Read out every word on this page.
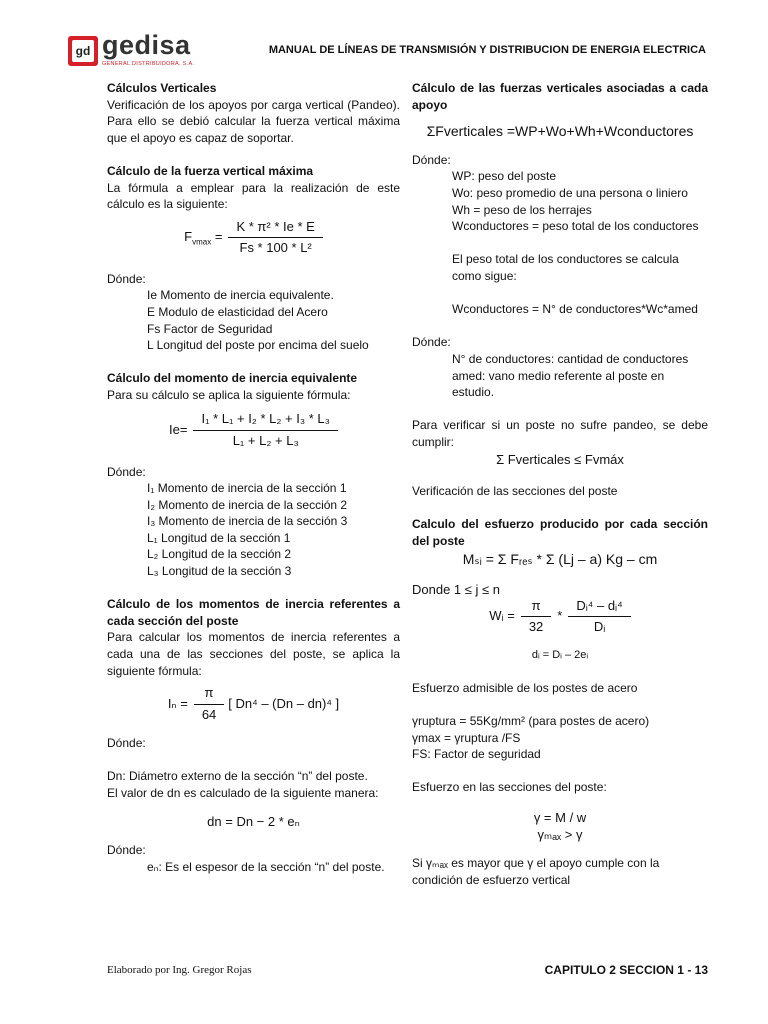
gd gedisa
GENERAL DISTRIBUIDORA, S.A.
MANUAL DE LÍNEAS DE TRANSMISIÓN Y DISTRIBUCION DE ENERGIA ELECTRICA

Cálculos Verticales

Verificación de los apoyos por carga vertical (Pandeo). Para ello se debió calcular la fuerza vertical máxima que el apoyo es capaz de soportar.

Cálculo de la fuerza vertical máxima

La fórmula a emplear para la realización de este cálculo es la siguiente:

$F_{vmax} = \frac{\text{K * π² * Ie * E}}{\text{Fs * 100 * L²}}$

Dónde:

Ie Momento de inercia equivalente.

E Modulo de elasticidad del Acero

Fs Factor de Seguridad

L Longitud del poste por encima del suelo

Cálculo del momento de inercia equivalente

Para su cálculo se aplica la siguiente fórmula:

$Ie= \frac{\text{I₁ * L₁ + I₂ * L₂ + I₃ * L₃}}{\text{L₁ + L₂ + L₃}}$

Dónde:

I₁ Momento de inercia de la sección 1

I₂ Momento de inercia de la sección 2

I₃ Momento de inercia de la sección 3

L₁ Longitud de la sección 1

L₂ Longitud de la sección 2

L₃ Longitud de la sección 3

Cálculo de los momentos de inercia referentes a cada sección del poste

Para calcular los momentos de inercia referentes a cada una de las secciones del poste, se aplica la siguiente fórmula:

$I_n = \frac{\pi}{64}$ [ Dn⁴ – (Dn – dn)⁴ ]

Dónde:

Dn: Diámetro externo de la sección “n” del poste.

El valor de dn es calculado de la siguiente manera:

dn = Dn − 2 * eₙ

Dónde:

eₙ: Es el espesor de la sección “n” del poste.

Cálculo de las fuerzas verticales asociadas a cada apoyo

ΣFverticales =WP+Wo+Wh+Wconductores

Dónde:

WP: peso del poste

Wo: peso promedio de una persona o liniero

Wh = peso de los herrajes

Wconductores = peso total de los conductores

El peso total de los conductores se calcula como sigue:

Wconductores = N° de conductores*Wc*amed

Dónde:

N° de conductores: cantidad de conductores

amed: vano medio referente al poste en estudio.

Para verificar si un poste no sufre pandeo, se debe cumplir:

Σ Fverticales ≤ Fvmáx

Verificación de las secciones del poste

Calculo del esfuerzo producido por cada sección del poste

Mₛᵢ = Σ Fᵣₑₛ * Σ (Lj – a) Kg – cm

Donde 1 ≤ j ≤ n

Wᵢ = $\frac{\pi}{32} * \frac{\text{Dᵢ⁴ – dᵢ⁴}}{\text{Dᵢ}}$

dᵢ = Dᵢ – 2eᵢ

Esfuerzo admisible de los postes de acero

γruptura = 55Kg/mm² (para postes de acero)

γmax = γruptura /FS

FS: Factor de seguridad

Esfuerzo en las secciones del poste:

γ = M / w

γₘₐₓ > γ

Si γₘₐₓ es mayor que γ el apoyo cumple con la condición de esfuerzo vertical

Elaborado por Ing. Gregor Rojas	CAPITULO 2 SECCION 1 - 13
